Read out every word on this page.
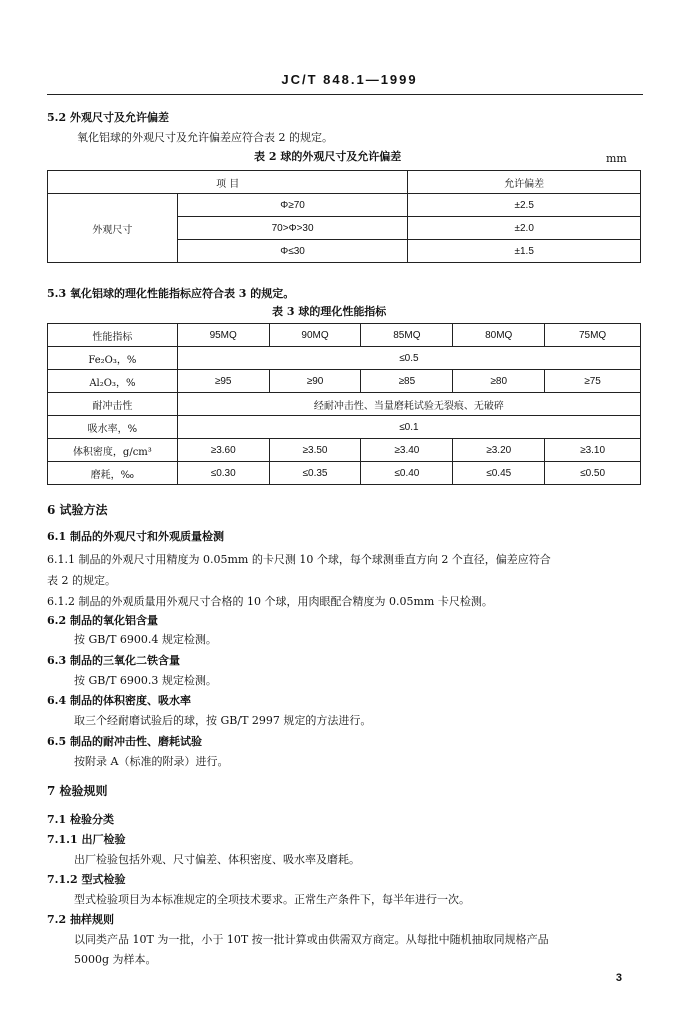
JC/T 848.1—1999
5.2 外观尺寸及允许偏差
氧化铝球的外观尺寸及允许偏差应符合表 2 的规定。
表 2 球的外观尺寸及允许偏差	mm
项 目		允许偏差
外观尺寸	Φ≥70	±2.5
	70>Φ>30	±2.0
	Φ≤30	±1.5
5.3 氧化铝球的理化性能指标应符合表 3 的规定。
表 3 球的理化性能指标
性能指标	95MQ	90MQ	85MQ	80MQ	75MQ
Fe₂O₃，%	≤0.5				
Al₂O₃，%	≥95	≥90	≥85	≥80	≥75
耐冲击性	经耐冲击性、当量磨耗试验无裂痕、无破碎				
吸水率，%	≤0.1				
体积密度，g/cm³	≥3.60	≥3.50	≥3.40	≥3.20	≥3.10
磨耗，‰	≤0.30	≤0.35	≤0.40	≤0.45	≤0.50
6 试验方法
6.1 制品的外观尺寸和外观质量检测
6.1.1 制品的外观尺寸用精度为 0.05mm 的卡尺测 10 个球，每个球测垂直方向 2 个直径，偏差应符合
表 2 的规定。
6.1.2 制品的外观质量用外观尺寸合格的 10 个球，用肉眼配合精度为 0.05mm 卡尺检测。
6.2 制品的氧化铝含量
按 GB/T 6900.4 规定检测。
6.3 制品的三氧化二铁含量
按 GB/T 6900.3 规定检测。
6.4 制品的体积密度、吸水率
取三个经耐磨试验后的球，按 GB/T 2997 规定的方法进行。
6.5 制品的耐冲击性、磨耗试验
按附录 A（标准的附录）进行。
7 检验规则
7.1 检验分类
7.1.1 出厂检验
出厂检验包括外观、尺寸偏差、体积密度、吸水率及磨耗。
7.1.2 型式检验
型式检验项目为本标准规定的全项技术要求。正常生产条件下，每半年进行一次。
7.2 抽样规则
以同类产品 10T 为一批，小于 10T 按一批计算或由供需双方商定。从每批中随机抽取同规格产品
5000g 为样本。
3
